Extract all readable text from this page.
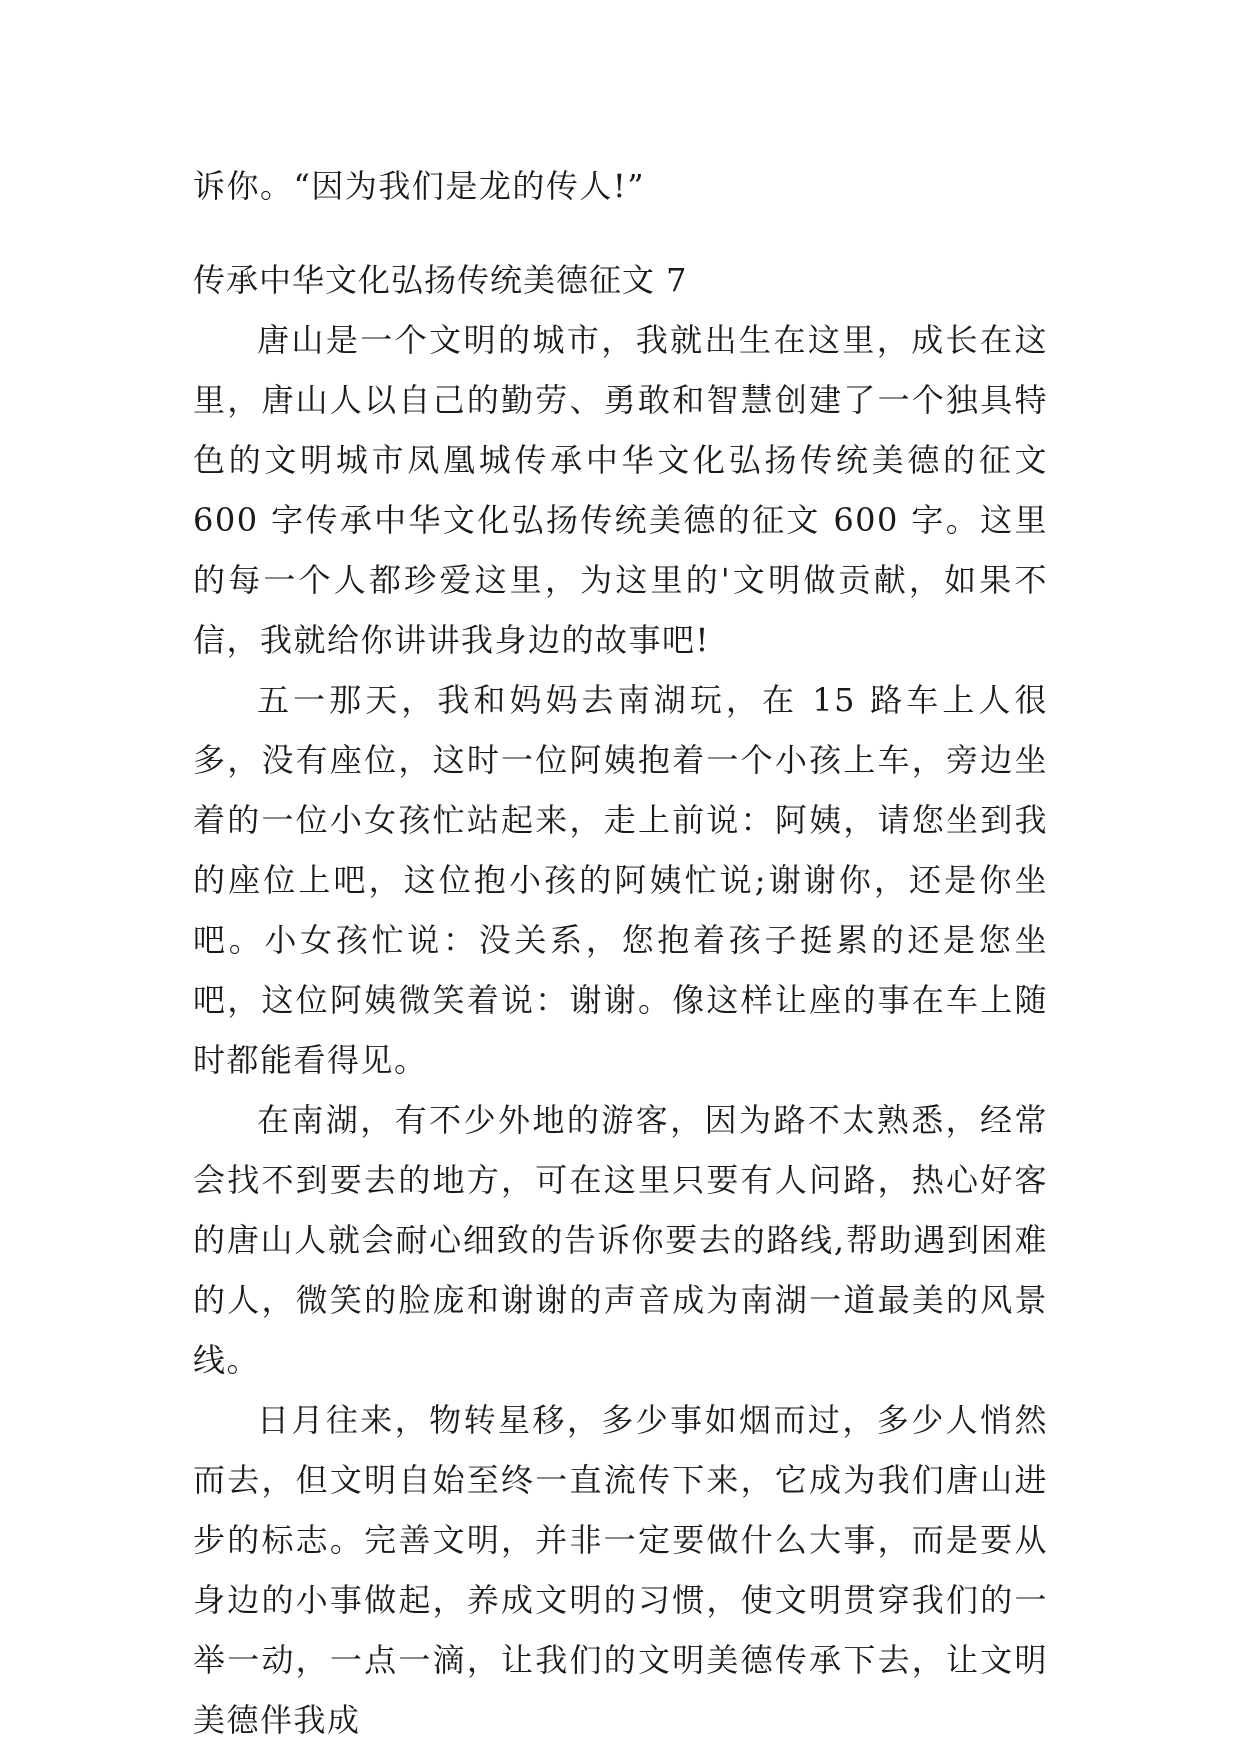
诉你。“因为我们是龙的传人!”

传承中华文化弘扬传统美德征文 7

唐山是一个文明的城市，我就出生在这里，成长在这里，唐山人以自己的勤劳、勇敢和智慧创建了一个独具特色的文明城市凤凰城传承中华文化弘扬传统美德的征文 600 字传承中华文化弘扬传统美德的征文 600 字。这里的每一个人都珍爱这里，为这里的'文明做贡献，如果不信，我就给你讲讲我身边的故事吧!

五一那天，我和妈妈去南湖玩，在 15 路车上人很多，没有座位，这时一位阿姨抱着一个小孩上车，旁边坐着的一位小女孩忙站起来，走上前说：阿姨，请您坐到我的座位上吧，这位抱小孩的阿姨忙说;谢谢你，还是你坐吧。小女孩忙说：没关系，您抱着孩子挺累的还是您坐吧，这位阿姨微笑着说：谢谢。像这样让座的事在车上随时都能看得见。

在南湖，有不少外地的游客，因为路不太熟悉，经常会找不到要去的地方，可在这里只要有人问路，热心好客的唐山人就会耐心细致的告诉你要去的路线,帮助遇到困难的人，微笑的脸庞和谢谢的声音成为南湖一道最美的风景线。

日月往来，物转星移，多少事如烟而过，多少人悄然而去，但文明自始至终一直流传下来，它成为我们唐山进步的标志。完善文明，并非一定要做什么大事，而是要从身边的小事做起，养成文明的习惯，使文明贯穿我们的一举一动，一点一滴，让我们的文明美德传承下去，让文明美德伴我成
